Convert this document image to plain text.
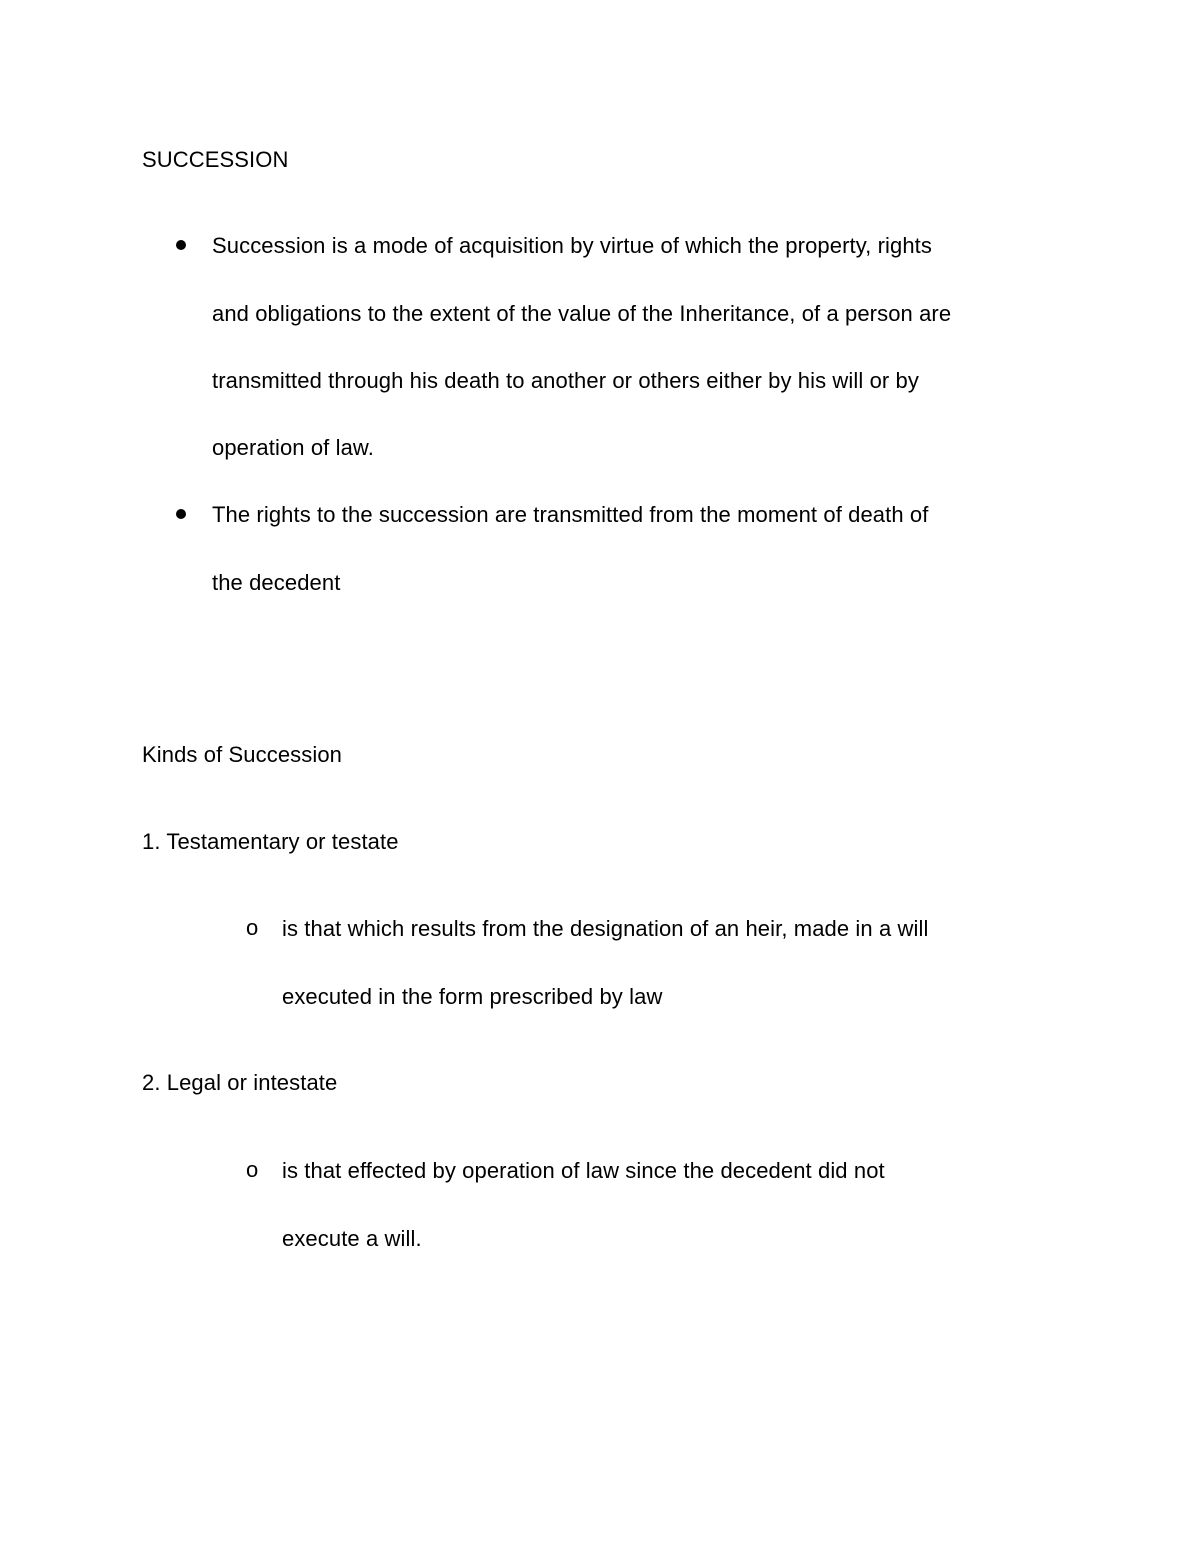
SUCCESSION
Succession is a mode of acquisition by virtue of which the property, rights
and obligations to the extent of the value of the Inheritance, of a person are
transmitted through his death to another or others either by his will or by
operation of law.
The rights to the succession are transmitted from the moment of death of
the decedent
Kinds of Succession
1. Testamentary or testate
o is that which results from the designation of an heir, made in a will
executed in the form prescribed by law
2. Legal or intestate
o is that effected by operation of law since the decedent did not
execute a will.
